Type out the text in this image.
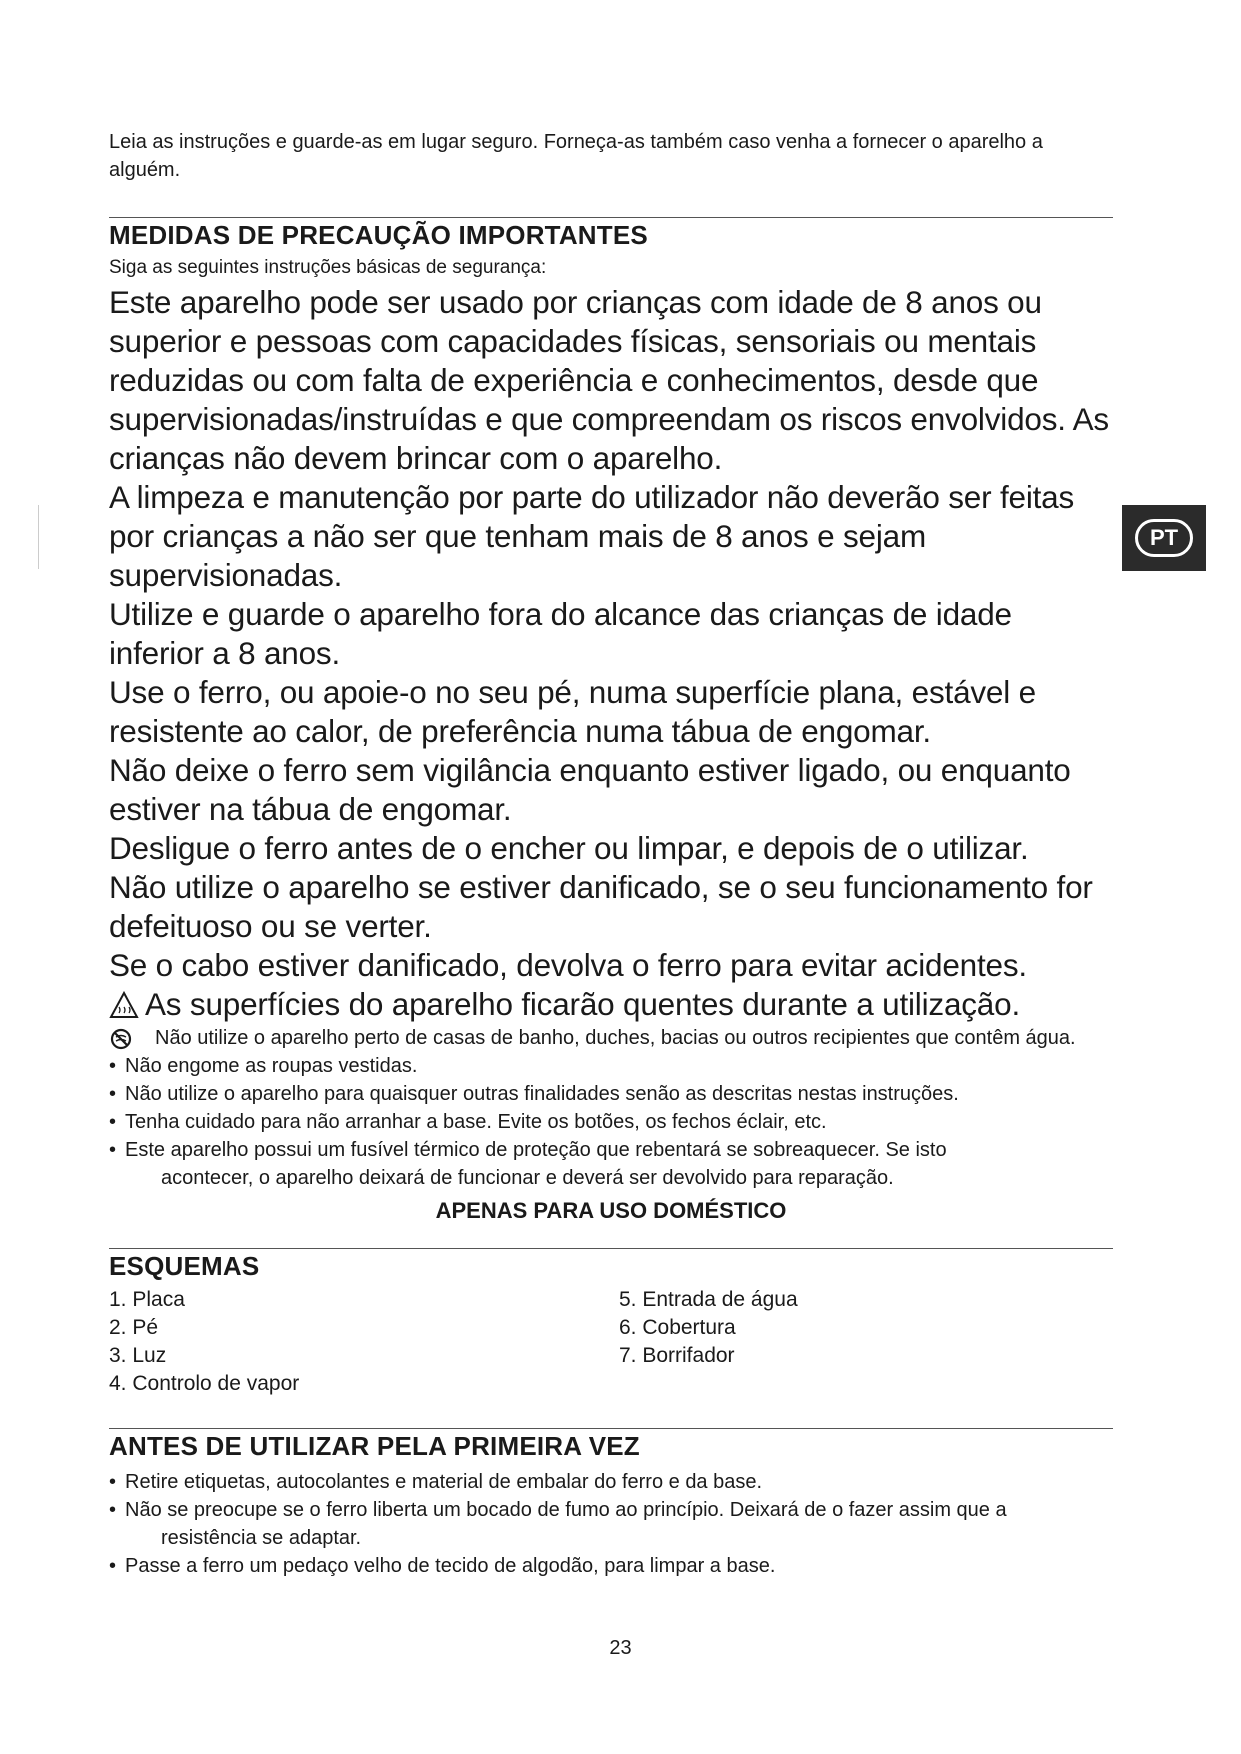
Leia as instruções e guarde-as em lugar seguro. Forneça-as também caso venha a fornecer o aparelho a alguém.

MEDIDAS DE PRECAUÇÃO IMPORTANTES

Siga as seguintes instruções básicas de segurança:

Este aparelho pode ser usado por crianças com idade de 8 anos ou superior e pessoas com capacidades físicas, sensoriais ou mentais reduzidas ou com falta de experiência e conhecimentos, desde que supervisionadas/instruídas e que compreendam os riscos envolvidos. As crianças não devem brincar com o aparelho.

A limpeza e manutenção por parte do utilizador não deverão ser feitas por crianças a não ser que tenham mais de 8 anos e sejam supervisionadas.

Utilize e guarde o aparelho fora do alcance das crianças de idade inferior a 8 anos.

Use o ferro, ou apoie-o no seu pé, numa superfície plana, estável e resistente ao calor, de preferência numa tábua de engomar.

Não deixe o ferro sem vigilância enquanto estiver ligado, ou enquanto estiver na tábua de engomar.

Desligue o ferro antes de o encher ou limpar, e depois de o utilizar.

Não utilize o aparelho se estiver danificado, se o seu funcionamento for defeituoso ou se verter.

Se o cabo estiver danificado, devolva o ferro para evitar acidentes.

As superfícies do aparelho ficarão quentes durante a utilização.

Não utilize o aparelho perto de casas de banho, duches, bacias ou outros recipientes que contêm água.
• Não engome as roupas vestidas.
• Não utilize o aparelho para quaisquer outras finalidades senão as descritas nestas instruções.
• Tenha cuidado para não arranhar a base. Evite os botões, os fechos éclair, etc.
• Este aparelho possui um fusível térmico de proteção que rebentará se sobreaquecer. Se isto
acontecer, o aparelho deixará de funcionar e deverá ser devolvido para reparação.

APENAS PARA USO DOMÉSTICO

ESQUEMAS
1. Placa
2. Pé
3. Luz
4. Controlo de vapor
5. Entrada de água
6. Cobertura
7. Borrifador
ANTES DE UTILIZAR PELA PRIMEIRA VEZ
• Retire etiquetas, autocolantes e material de embalar do ferro e da base.
• Não se preocupe se o ferro liberta um bocado de fumo ao princípio. Deixará de o fazer assim que a
resistência se adaptar.
• Passe a ferro um pedaço velho de tecido de algodão, para limpar a base.
PT
23
